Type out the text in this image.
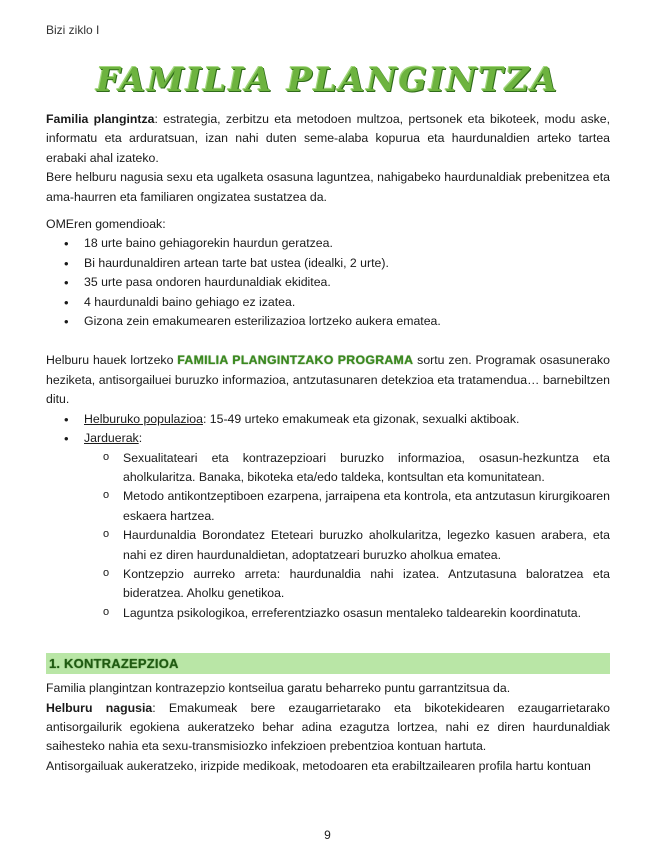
Bizi ziklo I
FAMILIA PLANGINTZA

Familia plangintza: estrategia, zerbitzu eta metodoen multzoa, pertsonek eta bikoteek, modu aske, informatu eta arduratsuan, izan nahi duten seme-alaba kopurua eta haurdunaldien arteko tartea erabaki ahal izateko.

Bere helburu nagusia sexu eta ugalketa osasuna laguntzea, nahigabeko haurdunaldiak prebenitzea eta ama-haurren eta familiaren ongizatea sustatzea da.

OMEren gomendioak:

• 18 urte baino gehiagorekin haurdun geratzea.
• Bi haurdunaldiren artean tarte bat ustea (idealki, 2 urte).
• 35 urte pasa ondoren haurdunaldiak ekiditea.
• 4 haurdunaldi baino gehiago ez izatea.
• Gizona zein emakumearen esterilizazioa lortzeko aukera ematea.

Helburu hauek lortzeko FAMILIA PLANGINTZAKO PROGRAMA sortu zen. Programak osasunerako heziketa, antisorgailuei buruzko informazioa, antzutasunaren detekzioa eta tratamendua… barnebiltzen ditu.

• Helburuko populazioa: 15-49 urteko emakumeak eta gizonak, sexualki aktiboak.
• Jarduerak:
o Sexualitateari eta kontrazepzioari buruzko informazioa, osasun-hezkuntza eta aholkularitza. Banaka, bikoteka eta/edo taldeka, kontsultan eta komunitatean.
o Metodo antikontzeptiboen ezarpena, jarraipena eta kontrola, eta antzutasun kirurgikoaren eskaera hartzea.
o Haurdunaldia Borondatez Eteteari buruzko aholkularitza, legezko kasuen arabera, eta nahi ez diren haurdunaldietan, adoptatzeari buruzko aholkua ematea.
o Kontzepzio aurreko arreta: haurdunaldia nahi izatea. Antzutasuna baloratzea eta bideratzea. Aholku genetikoa.
o Laguntza psikologikoa, erreferentziazko osasun mentaleko taldearekin koordinatuta.
1. KONTRAZEPZIOA

Familia plangintzan kontrazepzio kontseilua garatu beharreko puntu garrantzitsua da.

Helburu nagusia: Emakumeak bere ezaugarrietarako eta bikotekidearen ezaugarrietarako antisorgailurik egokiena aukeratzeko behar adina ezagutza lortzea, nahi ez diren haurdunaldiak saihesteko nahia eta sexu-transmisiozko infekzioen prebentzioa kontuan hartuta.

Antisorgailuak aukeratzeko, irizpide medikoak, metodoaren eta erabiltzailearen profila hartu kontuan

9
